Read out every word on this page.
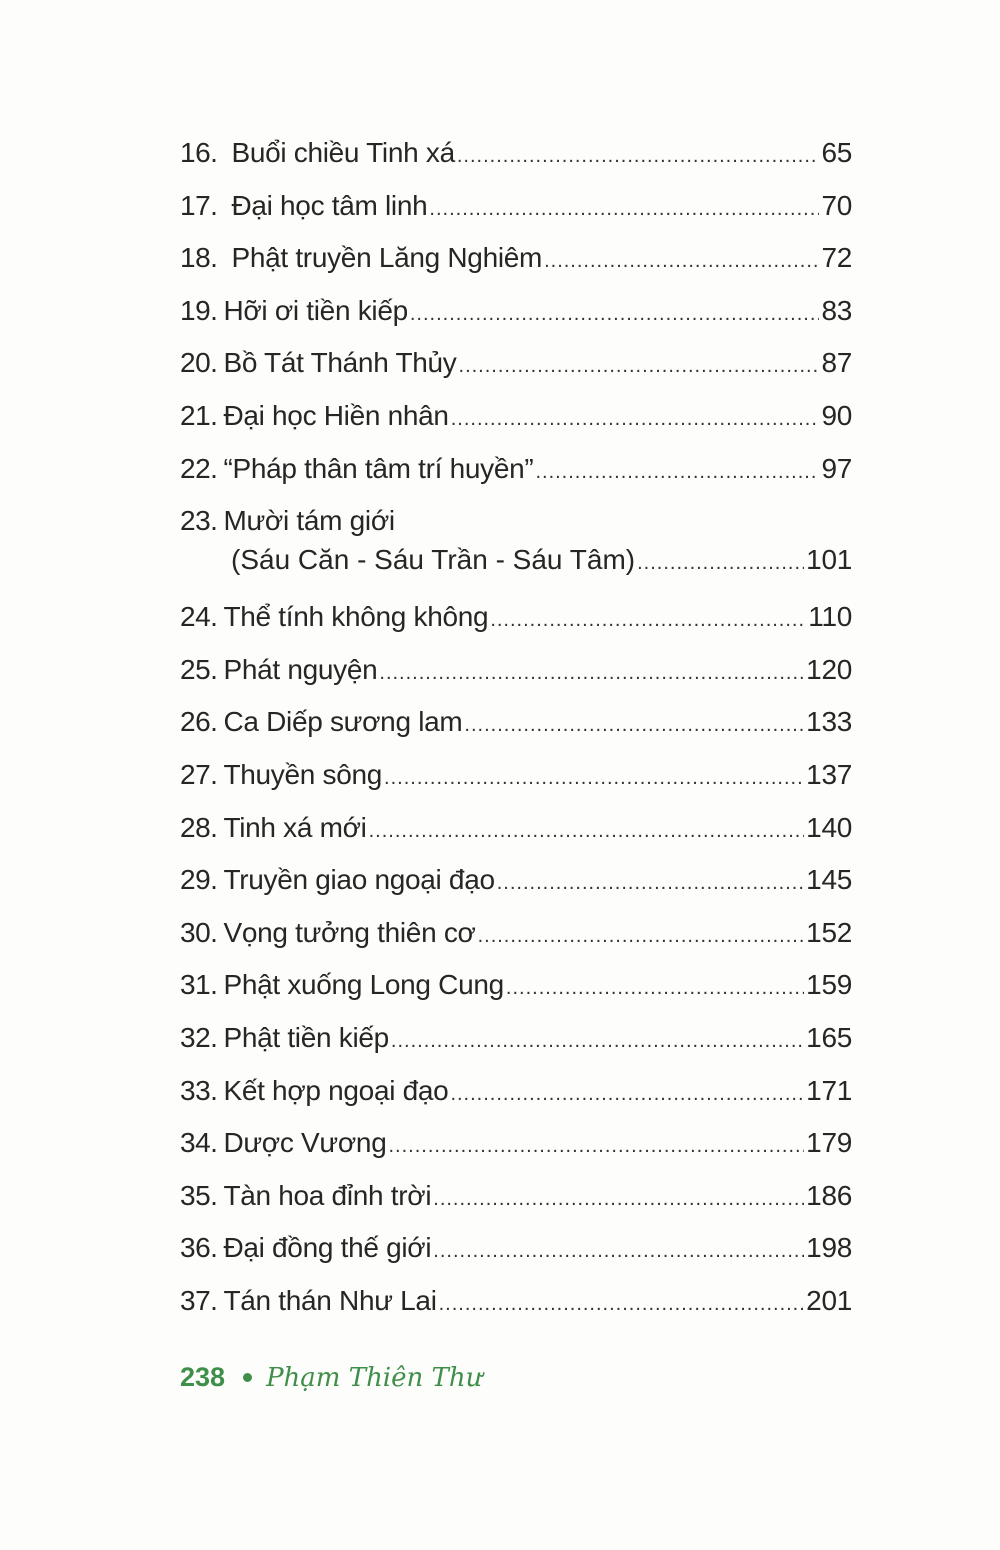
16. Buổi chiều Tinh xá .....	65
17. Đại học tâm linh .....	70
18. Phật truyền Lăng Nghiêm .....	72
19. Hỡi ơi tiền kiếp .....	83
20. Bồ Tát Thánh Thủy .....	87
21. Đại học Hiền nhân .....	90
22. “Pháp thân tâm trí huyền” .....	97
23. Mười tám giới
(Sáu Căn - Sáu Trần - Sáu Tâm) .....	101
24. Thể tính không không .....	110
25. Phát nguyện .....	120
26. Ca Diếp sương lam .....	133
27. Thuyền sông .....	137
28. Tinh xá mới .....	140
29. Truyền giao ngoại đạo .....	145
30. Vọng tưởng thiên cơ .....	152
31. Phật xuống Long Cung .....	159
32. Phật tiền kiếp .....	165
33. Kết hợp ngoại đạo .....	171
34. Dược Vương .....	179
35. Tàn hoa đỉnh trời .....	186
36. Đại đồng thế giới .....	198
37. Tán thán Như Lai .....	201
238 Phạm Thiên Thư
